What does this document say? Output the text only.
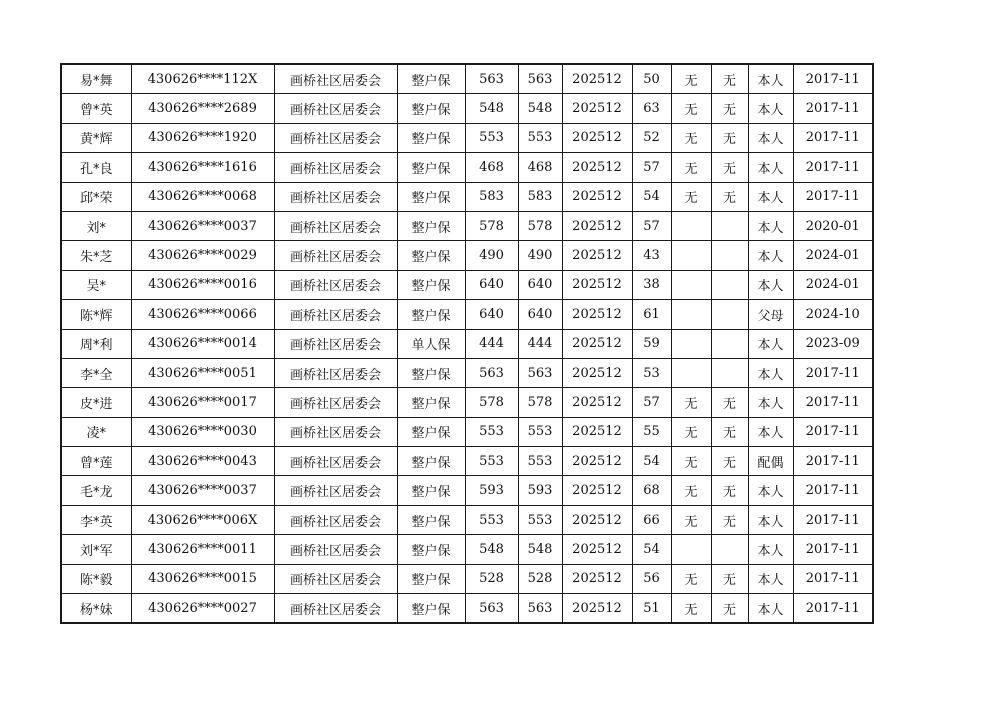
易*舞	430626****112X	画桥社区居委会	整户保	563	563	202512	50	无	无	本人	2017-11
曾*英	430626****2689	画桥社区居委会	整户保	548	548	202512	63	无	无	本人	2017-11
黄*辉	430626****1920	画桥社区居委会	整户保	553	553	202512	52	无	无	本人	2017-11
孔*良	430626****1616	画桥社区居委会	整户保	468	468	202512	57	无	无	本人	2017-11
邱*荣	430626****0068	画桥社区居委会	整户保	583	583	202512	54	无	无	本人	2017-11
刘*	430626****0037	画桥社区居委会	整户保	578	578	202512	57			本人	2020-01
朱*芝	430626****0029	画桥社区居委会	整户保	490	490	202512	43			本人	2024-01
吴*	430626****0016	画桥社区居委会	整户保	640	640	202512	38			本人	2024-01
陈*辉	430626****0066	画桥社区居委会	整户保	640	640	202512	61			父母	2024-10
周*利	430626****0014	画桥社区居委会	单人保	444	444	202512	59			本人	2023-09
李*全	430626****0051	画桥社区居委会	整户保	563	563	202512	53			本人	2017-11
皮*进	430626****0017	画桥社区居委会	整户保	578	578	202512	57	无	无	本人	2017-11
凌*	430626****0030	画桥社区居委会	整户保	553	553	202512	55	无	无	本人	2017-11
曾*莲	430626****0043	画桥社区居委会	整户保	553	553	202512	54	无	无	配偶	2017-11
毛*龙	430626****0037	画桥社区居委会	整户保	593	593	202512	68	无	无	本人	2017-11
李*英	430626****006X	画桥社区居委会	整户保	553	553	202512	66	无	无	本人	2017-11
刘*军	430626****0011	画桥社区居委会	整户保	548	548	202512	54			本人	2017-11
陈*毅	430626****0015	画桥社区居委会	整户保	528	528	202512	56	无	无	本人	2017-11
杨*妹	430626****0027	画桥社区居委会	整户保	563	563	202512	51	无	无	本人	2017-11
